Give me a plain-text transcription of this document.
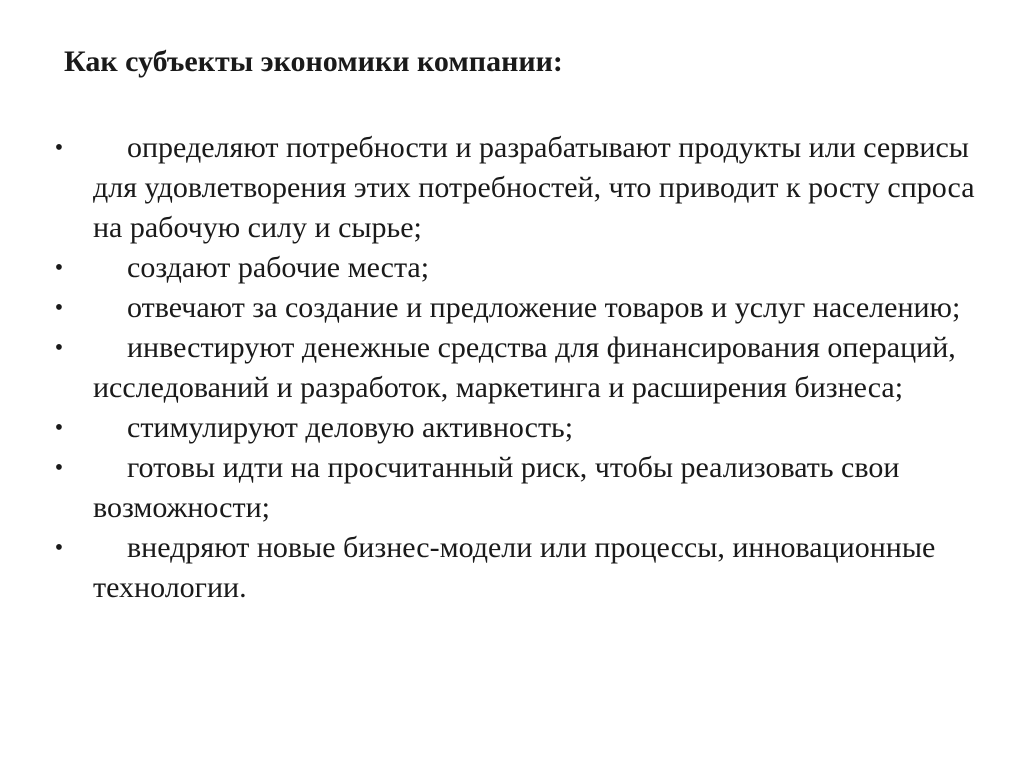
Как субъекты экономики компании:
•	определяют потребности и разрабатывают продукты или сервисы для удовлетворения этих потребностей, что приводит к росту спроса на рабочую силу и сырье;
•	создают рабочие места;
•	отвечают за создание и предложение товаров и услуг населению;
•	инвестируют денежные средства для финансирования операций, исследований и разработок, маркетинга и расширения бизнеса;
•	стимулируют деловую активность;
•	готовы идти на просчитанный риск, чтобы реализовать свои возможности;
•	внедряют новые бизнес-модели или процессы, инновационные технологии.
